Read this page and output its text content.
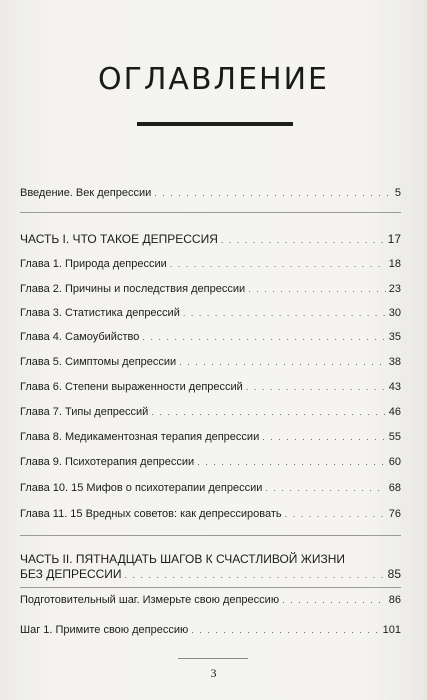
ОГЛАВЛЕНИЕ
Введение. Век депрессии . . .	5
ЧАСТЬ I. ЧТО ТАКОЕ ДЕПРЕССИЯ . . .	17
Глава 1. Природа депрессии . . .	18
Глава 2. Причины и последствия депрессии . . .	23
Глава 3. Статистика депрессий . . .	30
Глава 4. Самоубийство . . .	35
Глава 5. Симптомы депрессии . . .	38
Глава 6. Степени выраженности депрессий . . .	43
Глава 7. Типы депрессий . . .	46
Глава 8. Медикаментозная терапия депрессии . . .	55
Глава 9. Психотерапия депрессии . . .	60
Глава 10. 15 Мифов о психотерапии депрессии . . .	68
Глава 11. 15 Вредных советов: как депрессировать . . .	76
ЧАСТЬ II. ПЯТНАДЦАТЬ ШАГОВ К СЧАСТЛИВОЙ ЖИЗНИ
БЕЗ ДЕПРЕССИИ . . .	85
Подготовительный шаг. Измерьте свою депрессию . . .	86
Шаг 1. Примите свою депрессию . . .	101
3
